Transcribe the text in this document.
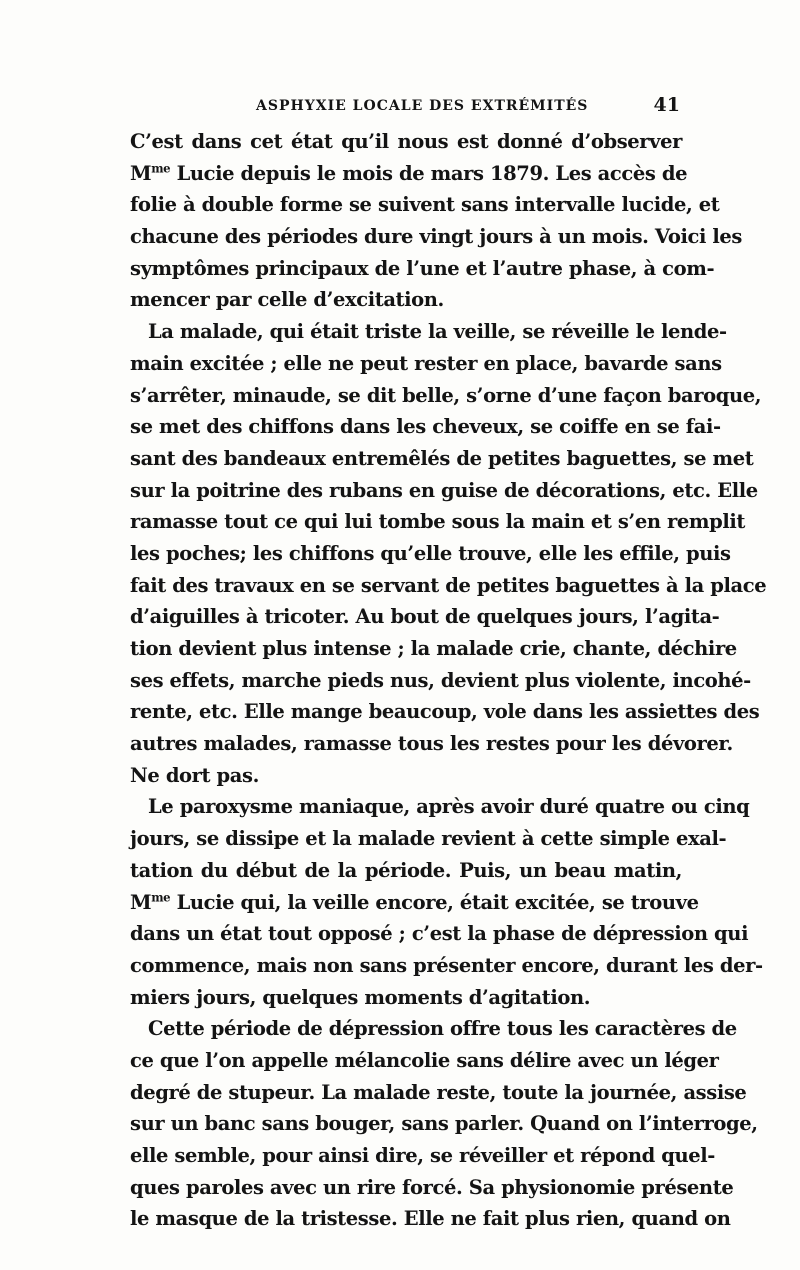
ASPHYXIE LOCALE DES EXTRÉMITÉS	41
C’est dans cet état qu’il nous est donné d’observer
$M^{me}$ Lucie depuis le mois de mars 1879. Les accès de
folie à double forme se suivent sans intervalle lucide, et
chacune des périodes dure vingt jours à un mois. Voici les
symptômes principaux de l’une et l’autre phase, à com-
mencer par celle d’excitation.
La malade, qui était triste la veille, se réveille le lende-
main excitée ; elle ne peut rester en place, bavarde sans
s’arrêter, minaude, se dit belle, s’orne d’une façon baroque,
se met des chiffons dans les cheveux, se coiffe en se fai-
sant des bandeaux entremêlés de petites baguettes, se met
sur la poitrine des rubans en guise de décorations, etc. Elle
ramasse tout ce qui lui tombe sous la main et s’en remplit
les poches; les chiffons qu’elle trouve, elle les effile, puis
fait des travaux en se servant de petites baguettes à la place
d’aiguilles à tricoter. Au bout de quelques jours, l’agita-
tion devient plus intense ; la malade crie, chante, déchire
ses effets, marche pieds nus, devient plus violente, incohé-
rente, etc. Elle mange beaucoup, vole dans les assiettes des
autres malades, ramasse tous les restes pour les dévorer.
Ne dort pas.
Le paroxysme maniaque, après avoir duré quatre ou cinq
jours, se dissipe et la malade revient à cette simple exal-
tation du début de la période. Puis, un beau matin,
$M^{me}$ Lucie qui, la veille encore, était excitée, se trouve
dans un état tout opposé ; c’est la phase de dépression qui
commence, mais non sans présenter encore, durant les der-
miers jours, quelques moments d’agitation.
Cette période de dépression offre tous les caractères de
ce que l’on appelle mélancolie sans délire avec un léger
degré de stupeur. La malade reste, toute la journée, assise
sur un banc sans bouger, sans parler. Quand on l’interroge,
elle semble, pour ainsi dire, se réveiller et répond quel-
ques paroles avec un rire forcé. Sa physionomie présente
le masque de la tristesse. Elle ne fait plus rien, quand on
